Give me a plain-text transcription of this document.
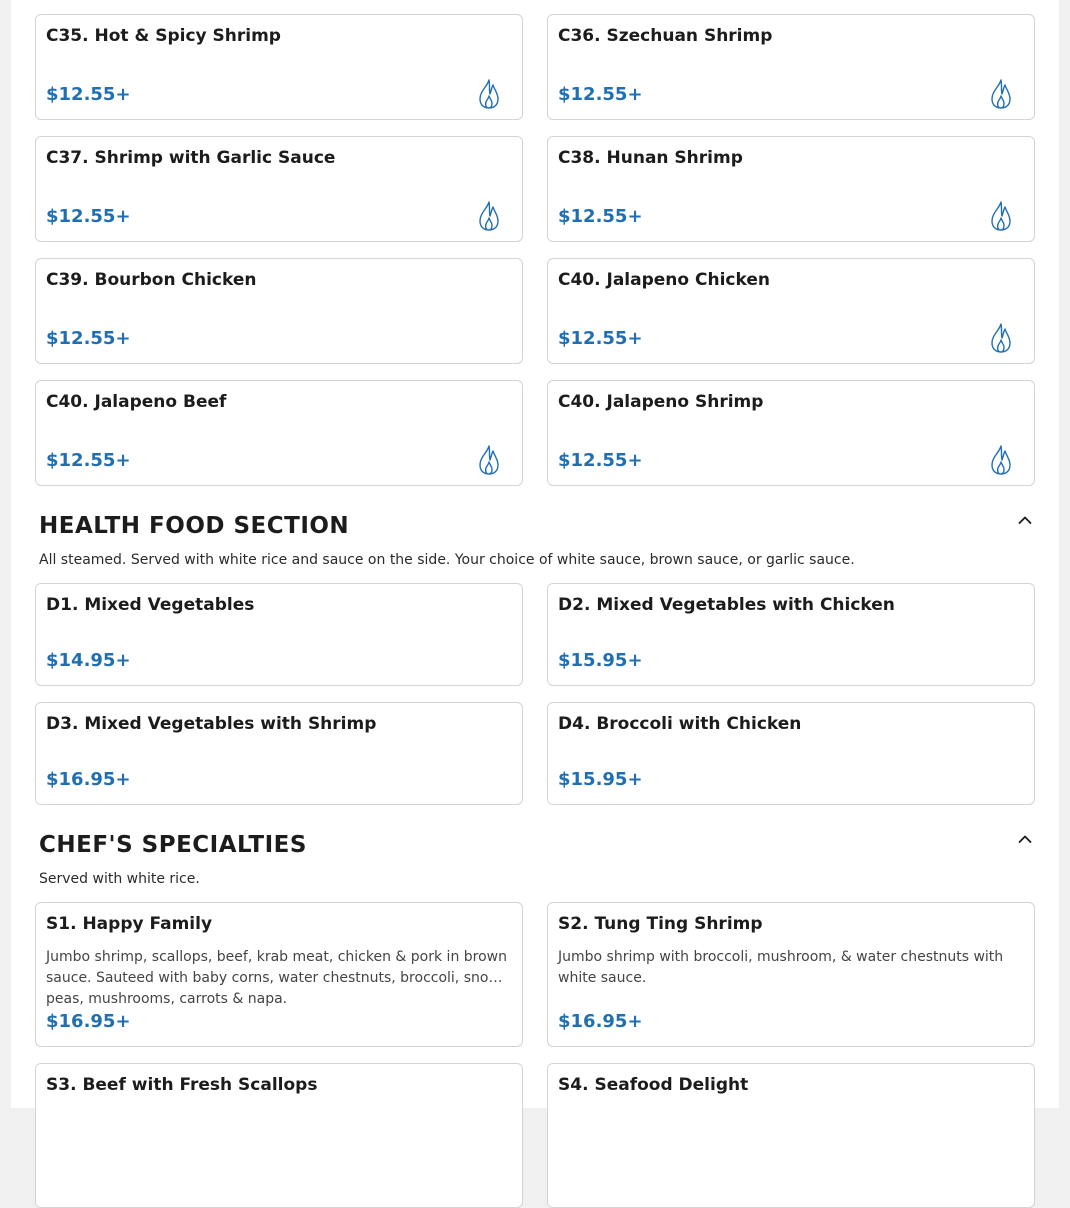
C35. Hot & Spicy Shrimp
$12.55+
C36. Szechuan Shrimp
$12.55+
C37. Shrimp with Garlic Sauce
$12.55+
C38. Hunan Shrimp
$12.55+
C39. Bourbon Chicken
$12.55+
C40. Jalapeno Chicken
$12.55+
C40. Jalapeno Beef
$12.55+
C40. Jalapeno Shrimp
$12.55+
HEALTH FOOD SECTION
All steamed. Served with white rice and sauce on the side. Your choice of white sauce, brown sauce, or garlic sauce.
D1. Mixed Vegetables
$14.95+
D2. Mixed Vegetables with Chicken
$15.95+
D3. Mixed Vegetables with Shrimp
$16.95+
D4. Broccoli with Chicken
$15.95+
CHEF'S SPECIALTIES
Served with white rice.
S1. Happy Family
Jumbo shrimp, scallops, beef, krab meat, chicken & pork in brown sauce. Sauteed with baby corns, water chestnuts, broccoli, snow peas, mushrooms, carrots & napa.
$16.95+
S2. Tung Ting Shrimp
Jumbo shrimp with broccoli, mushroom, & water chestnuts with white sauce.
$16.95+
S3. Beef with Fresh Scallops	S4. Seafood Delight
